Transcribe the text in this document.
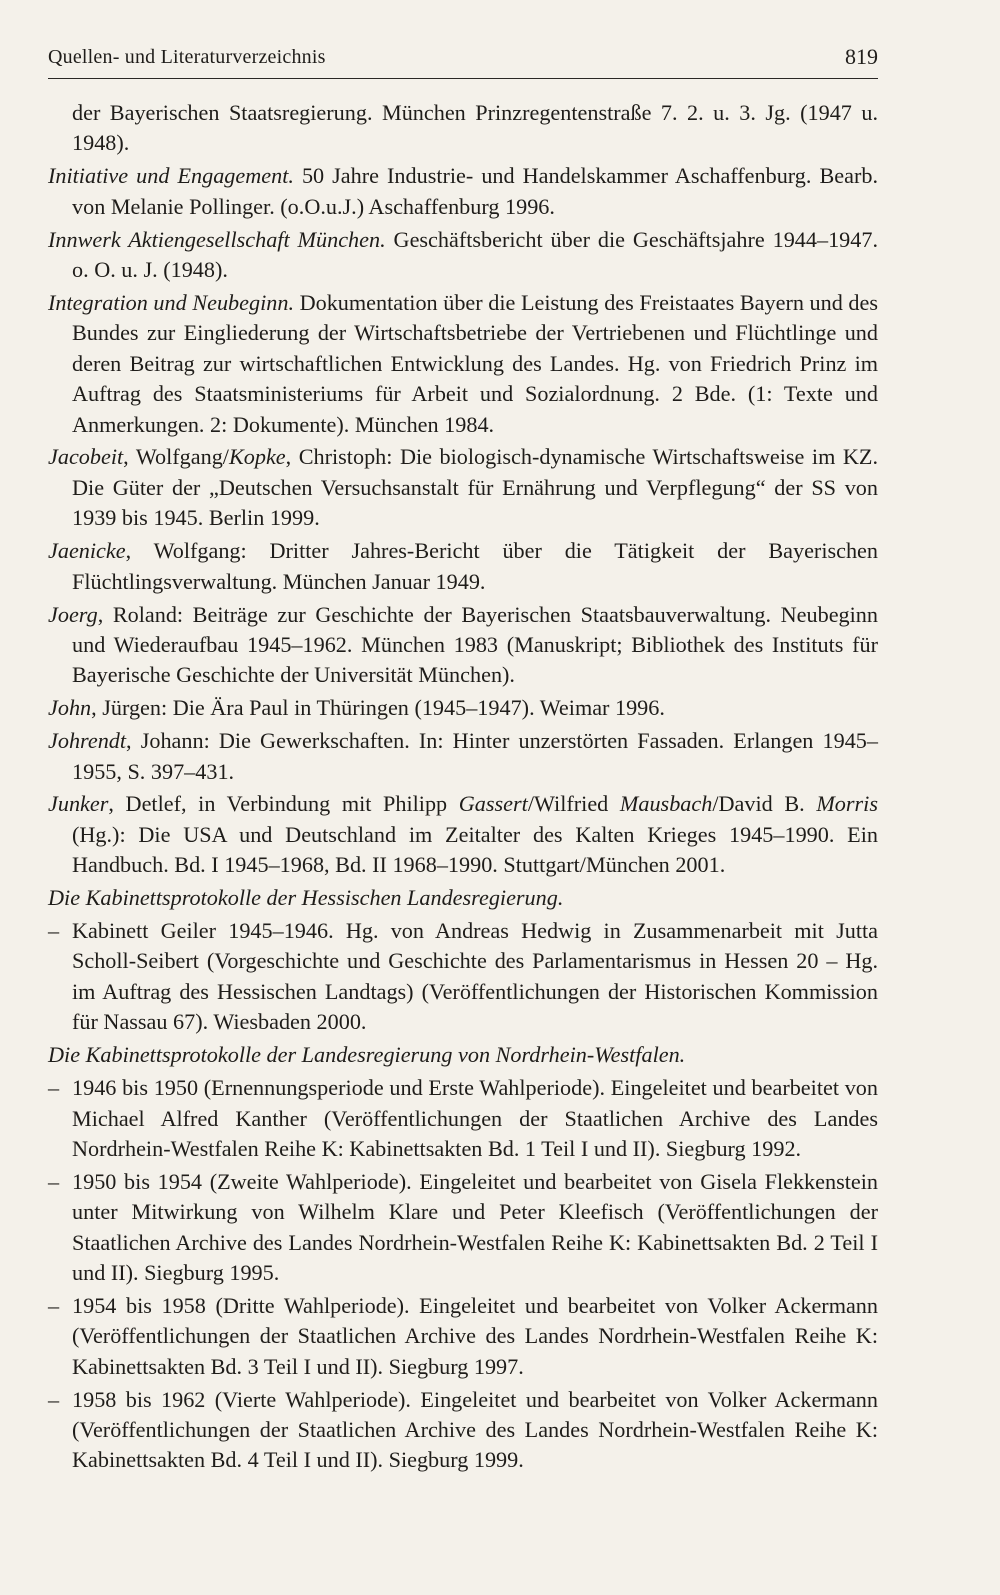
Quellen- und Literaturverzeichnis	819

der Bayerischen Staatsregierung. München Prinzregentenstraße 7. 2. u. 3. Jg. (1947 u. 1948).

Initiative und Engagement. 50 Jahre Industrie- und Handelskammer Aschaffenburg. Bearb. von Melanie Pollinger. (o.O.u.J.) Aschaffenburg 1996.

Innwerk Aktiengesellschaft München. Geschäftsbericht über die Geschäftsjahre 1944–1947. o. O. u. J. (1948).

Integration und Neubeginn. Dokumentation über die Leistung des Freistaates Bayern und des Bundes zur Eingliederung der Wirtschaftsbetriebe der Vertriebenen und Flüchtlinge und deren Beitrag zur wirtschaftlichen Entwicklung des Landes. Hg. von Friedrich Prinz im Auftrag des Staatsministeriums für Arbeit und Sozialordnung. 2 Bde. (1: Texte und Anmerkungen. 2: Dokumente). München 1984.

Jacobeit, Wolfgang/Kopke, Christoph: Die biologisch-dynamische Wirtschaftsweise im KZ. Die Güter der „Deutschen Versuchsanstalt für Ernährung und Verpflegung“ der SS von 1939 bis 1945. Berlin 1999.

Jaenicke, Wolfgang: Dritter Jahres-Bericht über die Tätigkeit der Bayerischen Flüchtlingsverwaltung. München Januar 1949.

Joerg, Roland: Beiträge zur Geschichte der Bayerischen Staatsbauverwaltung. Neubeginn und Wiederaufbau 1945–1962. München 1983 (Manuskript; Bibliothek des Instituts für Bayerische Geschichte der Universität München).

John, Jürgen: Die Ära Paul in Thüringen (1945–1947). Weimar 1996.

Johrendt, Johann: Die Gewerkschaften. In: Hinter unzerstörten Fassaden. Erlangen 1945–1955, S. 397–431.

Junker, Detlef, in Verbindung mit Philipp Gassert/Wilfried Mausbach/David B. Morris (Hg.): Die USA und Deutschland im Zeitalter des Kalten Krieges 1945–1990. Ein Handbuch. Bd. I 1945–1968, Bd. II 1968–1990. Stuttgart/München 2001.

Die Kabinettsprotokolle der Hessischen Landesregierung.

– Kabinett Geiler 1945–1946. Hg. von Andreas Hedwig in Zusammenarbeit mit Jutta Scholl-Seibert (Vorgeschichte und Geschichte des Parlamentarismus in Hessen 20 – Hg. im Auftrag des Hessischen Landtags) (Veröffentlichungen der Historischen Kommission für Nassau 67). Wiesbaden 2000.

Die Kabinettsprotokolle der Landesregierung von Nordrhein-Westfalen.

– 1946 bis 1950 (Ernennungsperiode und Erste Wahlperiode). Eingeleitet und bearbeitet von Michael Alfred Kanther (Veröffentlichungen der Staatlichen Archive des Landes Nordrhein-Westfalen Reihe K: Kabinettsakten Bd. 1 Teil I und II). Siegburg 1992.

– 1950 bis 1954 (Zweite Wahlperiode). Eingeleitet und bearbeitet von Gisela Flekkenstein unter Mitwirkung von Wilhelm Klare und Peter Kleefisch (Veröffentlichungen der Staatlichen Archive des Landes Nordrhein-Westfalen Reihe K: Kabinettsakten Bd. 2 Teil I und II). Siegburg 1995.

– 1954 bis 1958 (Dritte Wahlperiode). Eingeleitet und bearbeitet von Volker Ackermann (Veröffentlichungen der Staatlichen Archive des Landes Nordrhein-Westfalen Reihe K: Kabinettsakten Bd. 3 Teil I und II). Siegburg 1997.

– 1958 bis 1962 (Vierte Wahlperiode). Eingeleitet und bearbeitet von Volker Ackermann (Veröffentlichungen der Staatlichen Archive des Landes Nordrhein-Westfalen Reihe K: Kabinettsakten Bd. 4 Teil I und II). Siegburg 1999.
